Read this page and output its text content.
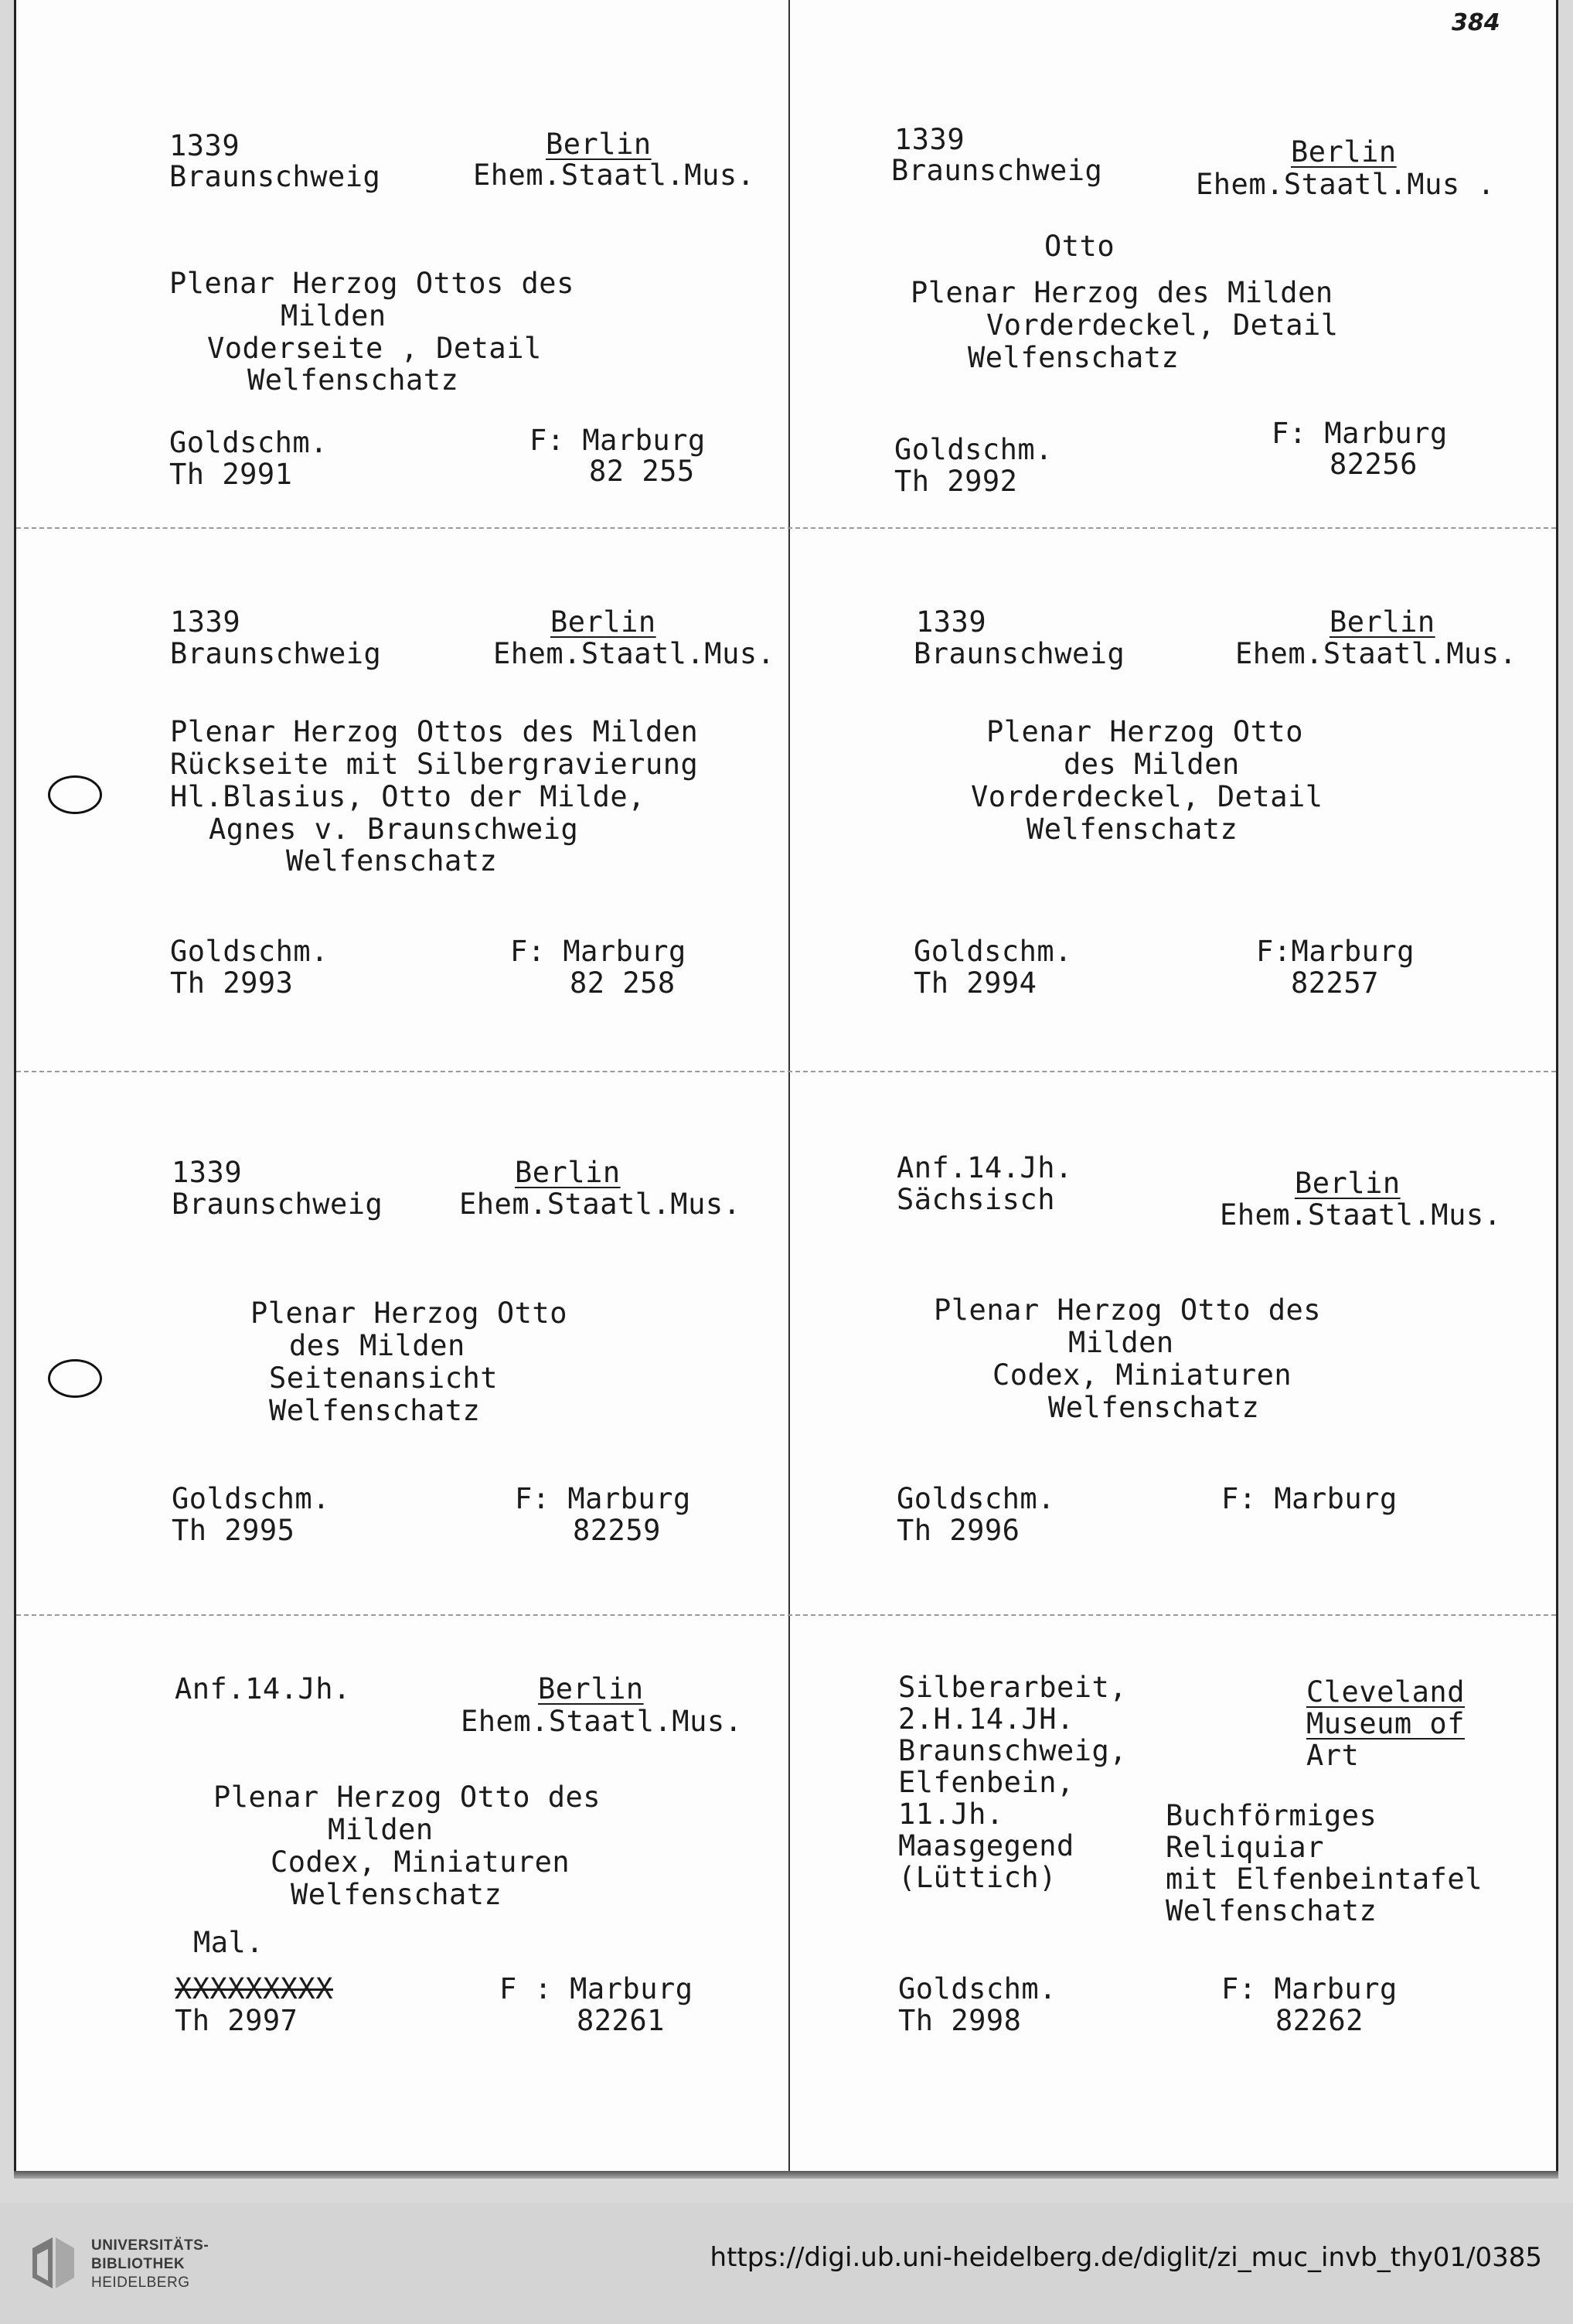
384
1339
Braunschweig
Berlin
Ehem.Staatl.Mus.
Plenar Herzog Ottos des
Milden
Voderseite , Detail
Welfenschatz
Goldschm.
Th 2991
F: Marburg
82 255
1339
Braunschweig
Berlin
Ehem.Staatl.Mus .
Otto
Plenar Herzog des Milden
Vorderdeckel, Detail
Welfenschatz
Goldschm.
Th 2992
F: Marburg
82256
1339
Braunschweig
Berlin
Ehem.Staatl.Mus.
Plenar Herzog Ottos des Milden
Rückseite mit Silbergravierung
Hl.Blasius, Otto der Milde,
Agnes v. Braunschweig
Welfenschatz
Goldschm.
Th 2993
F: Marburg
82 258
1339
Braunschweig
Berlin
Ehem.Staatl.Mus.
Plenar Herzog Otto
des Milden
Vorderdeckel, Detail
Welfenschatz
Goldschm.
Th 2994
F:Marburg
82257
1339
Braunschweig
Berlin
Ehem.Staatl.Mus.
Plenar Herzog Otto
des Milden
Seitenansicht
Welfenschatz
Goldschm.
Th 2995
F: Marburg
82259
Anf.14.Jh.
Sächsisch	Berlin
Ehem.Staatl.Mus.
Plenar Herzog Otto des
Milden
Codex, Miniaturen
Welfenschatz
Goldschm.
Th 2996
F: Marburg
Anf.14.Jh.	Berlin
Ehem.Staatl.Mus.
Plenar Herzog Otto des
Milden
Codex, Miniaturen
Welfenschatz
Mal.
XXXXXXXXX
Th 2997
F : Marburg
82261
Silberarbeit,
2.H.14.JH.
Braunschweig,
Elfenbein,
11.Jh.
Maasgegend
(Lüttich)
Cleveland
Museum of
Art
Buchförmiges
Reliquiar
mit Elfenbeintafel
Welfenschatz
Goldschm.
Th 2998
F: Marburg
82262
UNIVERSITÄTS-
BIBLIOTHEK
HEIDELBERG
https://digi.ub.uni-heidelberg.de/diglit/zi_muc_invb_thy01/0385
